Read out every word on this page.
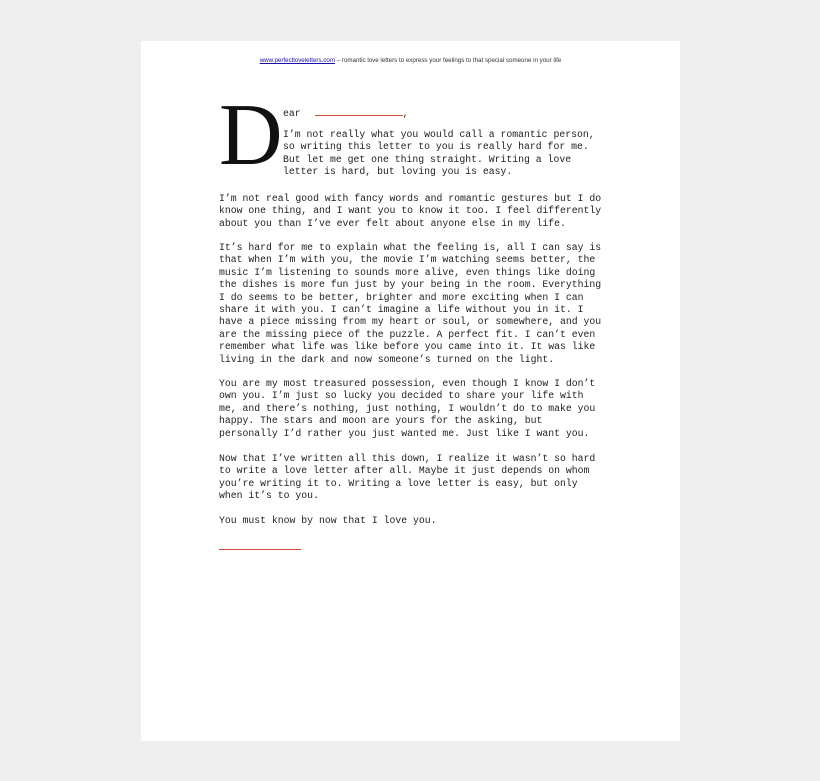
www.perfectloveletters.com – romantic love letters to express your feelings to that special someone in your life
D ear	,
I’m not really what you would call a romantic person, so writing this letter to you is really hard for me. But let me get one thing straight. Writing a love letter is hard, but loving you is easy.

I’m not real good with fancy words and romantic gestures but I do know one thing, and I want you to know it too. I feel differently about you than I’ve ever felt about anyone else in my life.

It’s hard for me to explain what the feeling is, all I can say is that when I’m with you, the movie I’m watching seems better, the music I’m listening to sounds more alive, even things like doing the dishes is more fun just by your being in the room. Everything I do seems to be better, brighter and more exciting when I can share it with you. I can’t imagine a life without you in it. I have a piece missing from my heart or soul, or somewhere, and you are the missing piece of the puzzle. A perfect fit. I can’t even remember what life was like before you came into it. It was like living in the dark and now someone’s turned on the light.

You are my most treasured possession, even though I know I don’t own you. I’m just so lucky you decided to share your life with me, and there’s nothing, just nothing, I wouldn’t do to make you happy. The stars and moon are yours for the asking, but personally I’d rather you just wanted me. Just like I want you.

Now that I’ve written all this down, I realize it wasn’t so hard to write a love letter after all. Maybe it just depends on whom you’re writing it to. Writing a love letter is easy, but only when it’s to you.

You must know by now that I love you.
